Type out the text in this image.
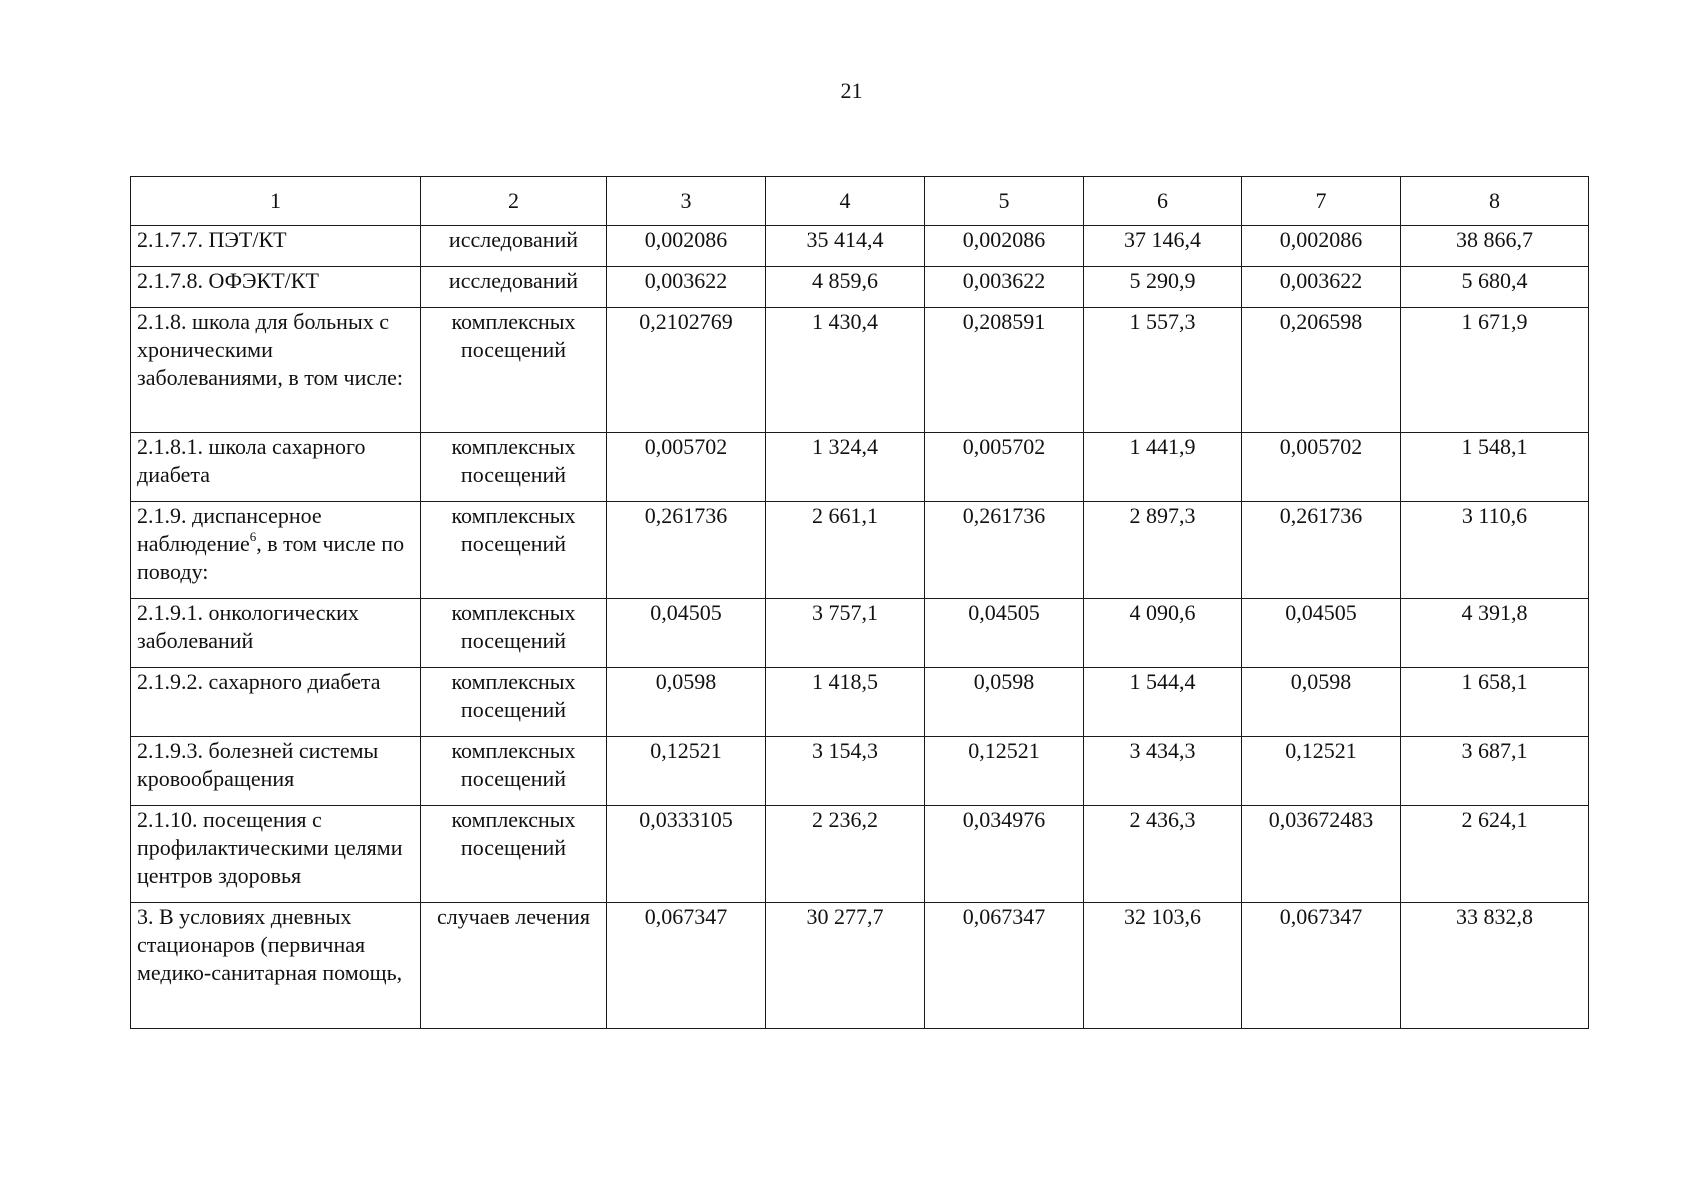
21
1	2	3	4	5	6	7	8
2.1.7.7. ПЭТ/КТ	исследований	0,002086	35 414,4	0,002086	37 146,4	0,002086	38 866,7
2.1.7.8. ОФЭКТ/КТ	исследований	0,003622	4 859,6	0,003622	5 290,9	0,003622	5 680,4
2.1.8. школа для больных с хроническими заболеваниями, в том числе:	комплексных посещений	0,2102769	1 430,4	0,208591	1 557,3	0,206598	1 671,9
2.1.8.1. школа сахарного диабета	комплексных посещений	0,005702	1 324,4	0,005702	1 441,9	0,005702	1 548,1
2.1.9. диспансерное наблюдение$^6$, в том числе по поводу:	комплексных посещений	0,261736	2 661,1	0,261736	2 897,3	0,261736	3 110,6
2.1.9.1. онкологических заболеваний	комплексных посещений	0,04505	3 757,1	0,04505	4 090,6	0,04505	4 391,8
2.1.9.2. сахарного диабета	комплексных посещений	0,0598	1 418,5	0,0598	1 544,4	0,0598	1 658,1
2.1.9.3. болезней системы кровообращения	комплексных посещений	0,12521	3 154,3	0,12521	3 434,3	0,12521	3 687,1
2.1.10. посещения с профилактическими целями центров здоровья	комплексных посещений	0,0333105	2 236,2	0,034976	2 436,3	0,03672483	2 624,1
3. В условиях дневных стационаров (первичная медико-санитарная помощь,	случаев лечения	0,067347	30 277,7	0,067347	32 103,6	0,067347	33 832,8
